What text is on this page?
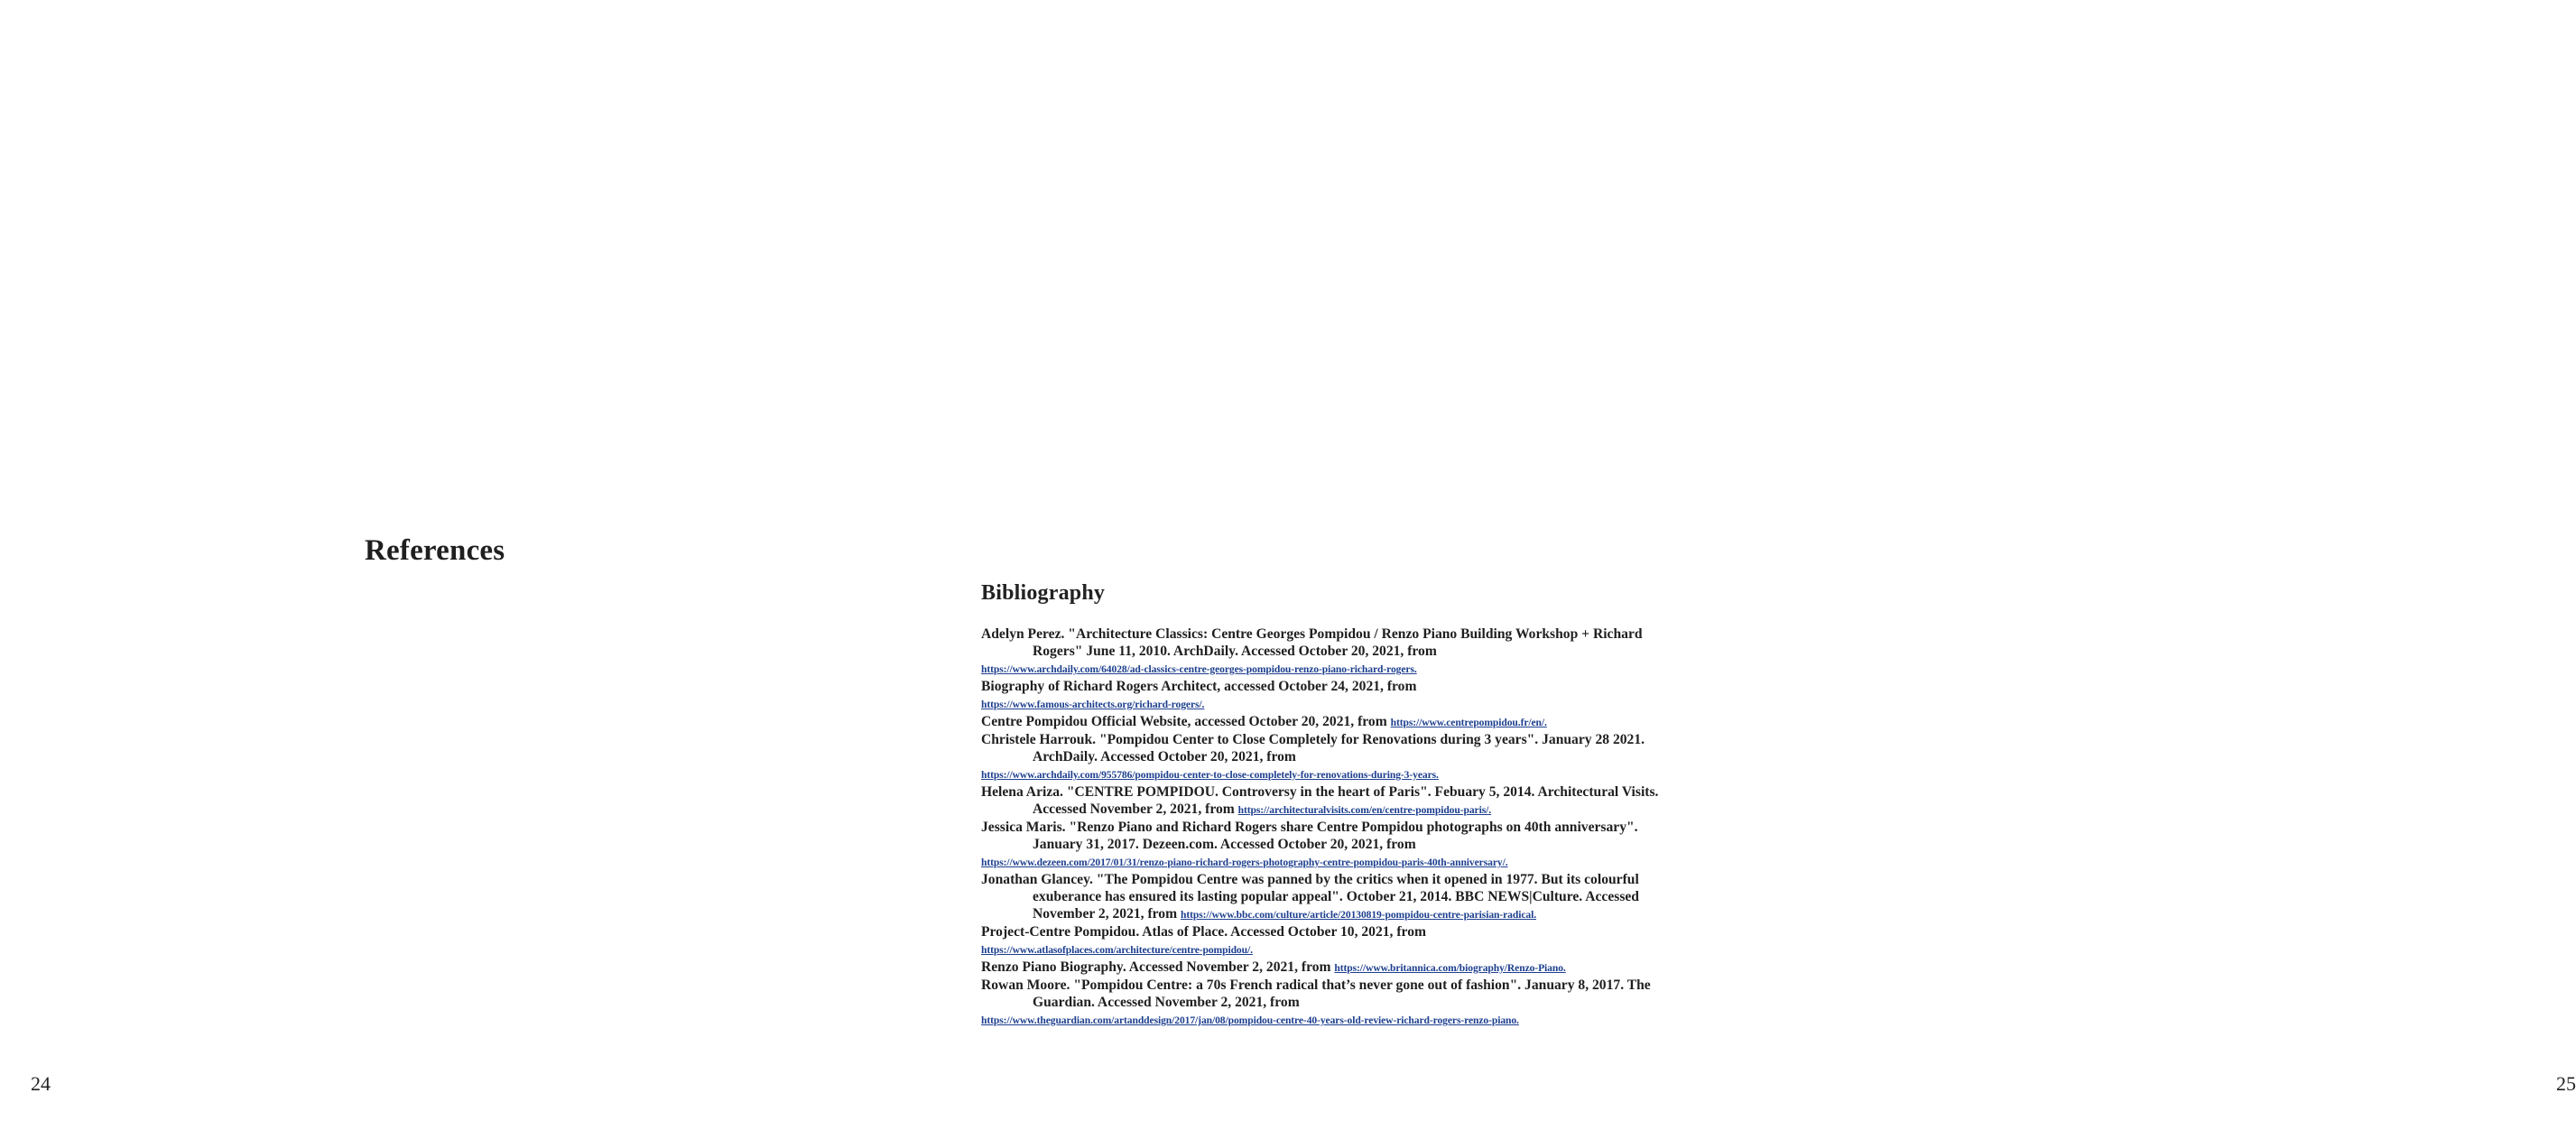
References

24

Bibliography
Adelyn Perez. "Architecture Classics: Centre Georges Pompidou / Renzo Piano Building Workshop + Richard Rogers" June 11, 2010. ArchDaily. Accessed October 20, 2021, from
https://www.archdaily.com/64028/ad-classics-centre-georges-pompidou-renzo-piano-richard-rogers.
Biography of Richard Rogers Architect, accessed October 24, 2021, from
https://www.famous-architects.org/richard-rogers/.
Centre Pompidou Official Website, accessed October 20, 2021, from https://www.centrepompidou.fr/en/.
Christele Harrouk. "Pompidou Center to Close Completely for Renovations during 3 years". January 28 2021. ArchDaily. Accessed October 20, 2021, from
https://www.archdaily.com/955786/pompidou-center-to-close-completely-for-renovations-during-3-years.
Helena Ariza. "CENTRE POMPIDOU. Controversy in the heart of Paris". Febuary 5, 2014. Architectural Visits. Accessed November 2, 2021, from https://architecturalvisits.com/en/centre-pompidou-paris/.
Jessica Maris. "Renzo Piano and Richard Rogers share Centre Pompidou photographs on 40th anniversary". January 31, 2017. Dezeen.com. Accessed October 20, 2021, from
https://www.dezeen.com/2017/01/31/renzo-piano-richard-rogers-photography-centre-pompidou-paris-40th-anniversary/.
Jonathan Glancey. "The Pompidou Centre was panned by the critics when it opened in 1977. But its colourful exuberance has ensured its lasting popular appeal". October 21, 2014. BBC NEWS|Culture. Accessed November 2, 2021, from https://www.bbc.com/culture/article/20130819-pompidou-centre-parisian-radical.
Project-Centre Pompidou. Atlas of Place. Accessed October 10, 2021, from
https://www.atlasofplaces.com/architecture/centre-pompidou/.
Renzo Piano Biography. Accessed November 2, 2021, from https://www.britannica.com/biography/Renzo-Piano.
Rowan Moore. "Pompidou Centre: a 70s French radical that’s never gone out of fashion". January 8, 2017. The Guardian. Accessed November 2, 2021, from
https://www.theguardian.com/artanddesign/2017/jan/08/pompidou-centre-40-years-old-review-richard-rogers-renzo-piano.

25
